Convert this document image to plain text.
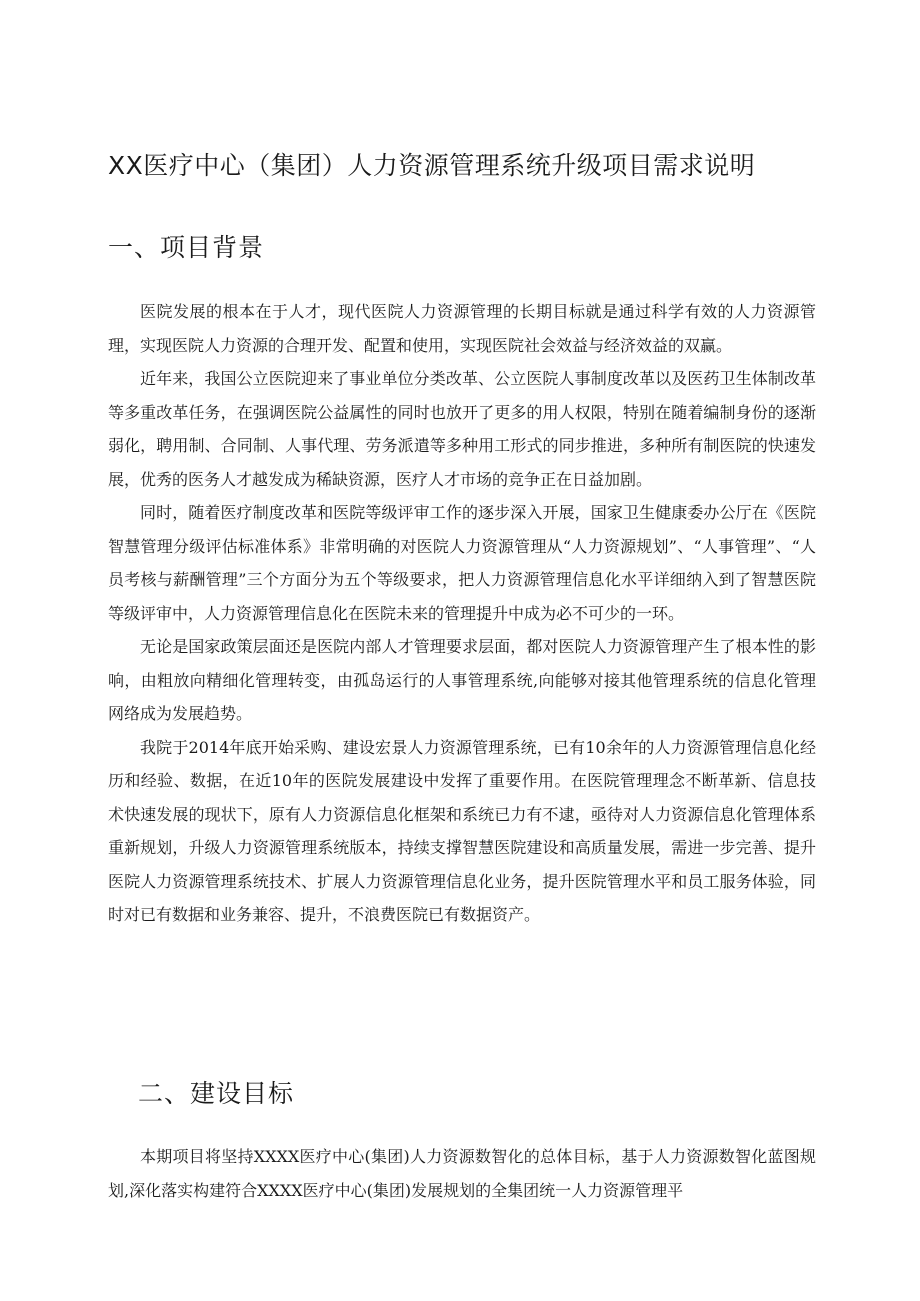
XX医疗中心（集团）人力资源管理系统升级项目需求说明
一、项目背景

医院发展的根本在于人才，现代医院人力资源管理的长期目标就是通过科学有效的人力资源管理，实现医院人力资源的合理开发、配置和使用，实现医院社会效益与经济效益的双赢。

近年来，我国公立医院迎来了事业单位分类改革、公立医院人事制度改革以及医药卫生体制改革等多重改革任务，在强调医院公益属性的同时也放开了更多的用人权限，特别在随着编制身份的逐渐弱化，聘用制、合同制、人事代理、劳务派遣等多种用工形式的同步推进，多种所有制医院的快速发展，优秀的医务人才越发成为稀缺资源，医疗人才市场的竞争正在日益加剧。

同时，随着医疗制度改革和医院等级评审工作的逐步深入开展，国家卫生健康委办公厅在《医院智慧管理分级评估标准体系》非常明确的对医院人力资源管理从“人力资源规划”、“人事管理”、“人员考核与薪酬管理”三个方面分为五个等级要求，把人力资源管理信息化水平详细纳入到了智慧医院等级评审中，人力资源管理信息化在医院未来的管理提升中成为必不可少的一环。

无论是国家政策层面还是医院内部人才管理要求层面，都对医院人力资源管理产生了根本性的影响，由粗放向精细化管理转变，由孤岛运行的人事管理系统,向能够对接其他管理系统的信息化管理网络成为发展趋势。

我院于2014年底开始采购、建设宏景人力资源管理系统，已有10余年的人力资源管理信息化经历和经验、数据，在近10年的医院发展建设中发挥了重要作用。在医院管理理念不断革新、信息技术快速发展的现状下，原有人力资源信息化框架和系统已力有不逮，亟待对人力资源信息化管理体系重新规划，升级人力资源管理系统版本，持续支撑智慧医院建设和高质量发展，需进一步完善、提升医院人力资源管理系统技术、扩展人力资源管理信息化业务，提升医院管理水平和员工服务体验，同时对已有数据和业务兼容、提升，不浪费医院已有数据资产。

二、建设目标

本期项目将坚持XXXX医疗中心(集团)人力资源数智化的总体目标，基于人力资源数智化蓝图规划,深化落实构建符合XXXX医疗中心(集团)发展规划的全集团统一人力资源管理平
